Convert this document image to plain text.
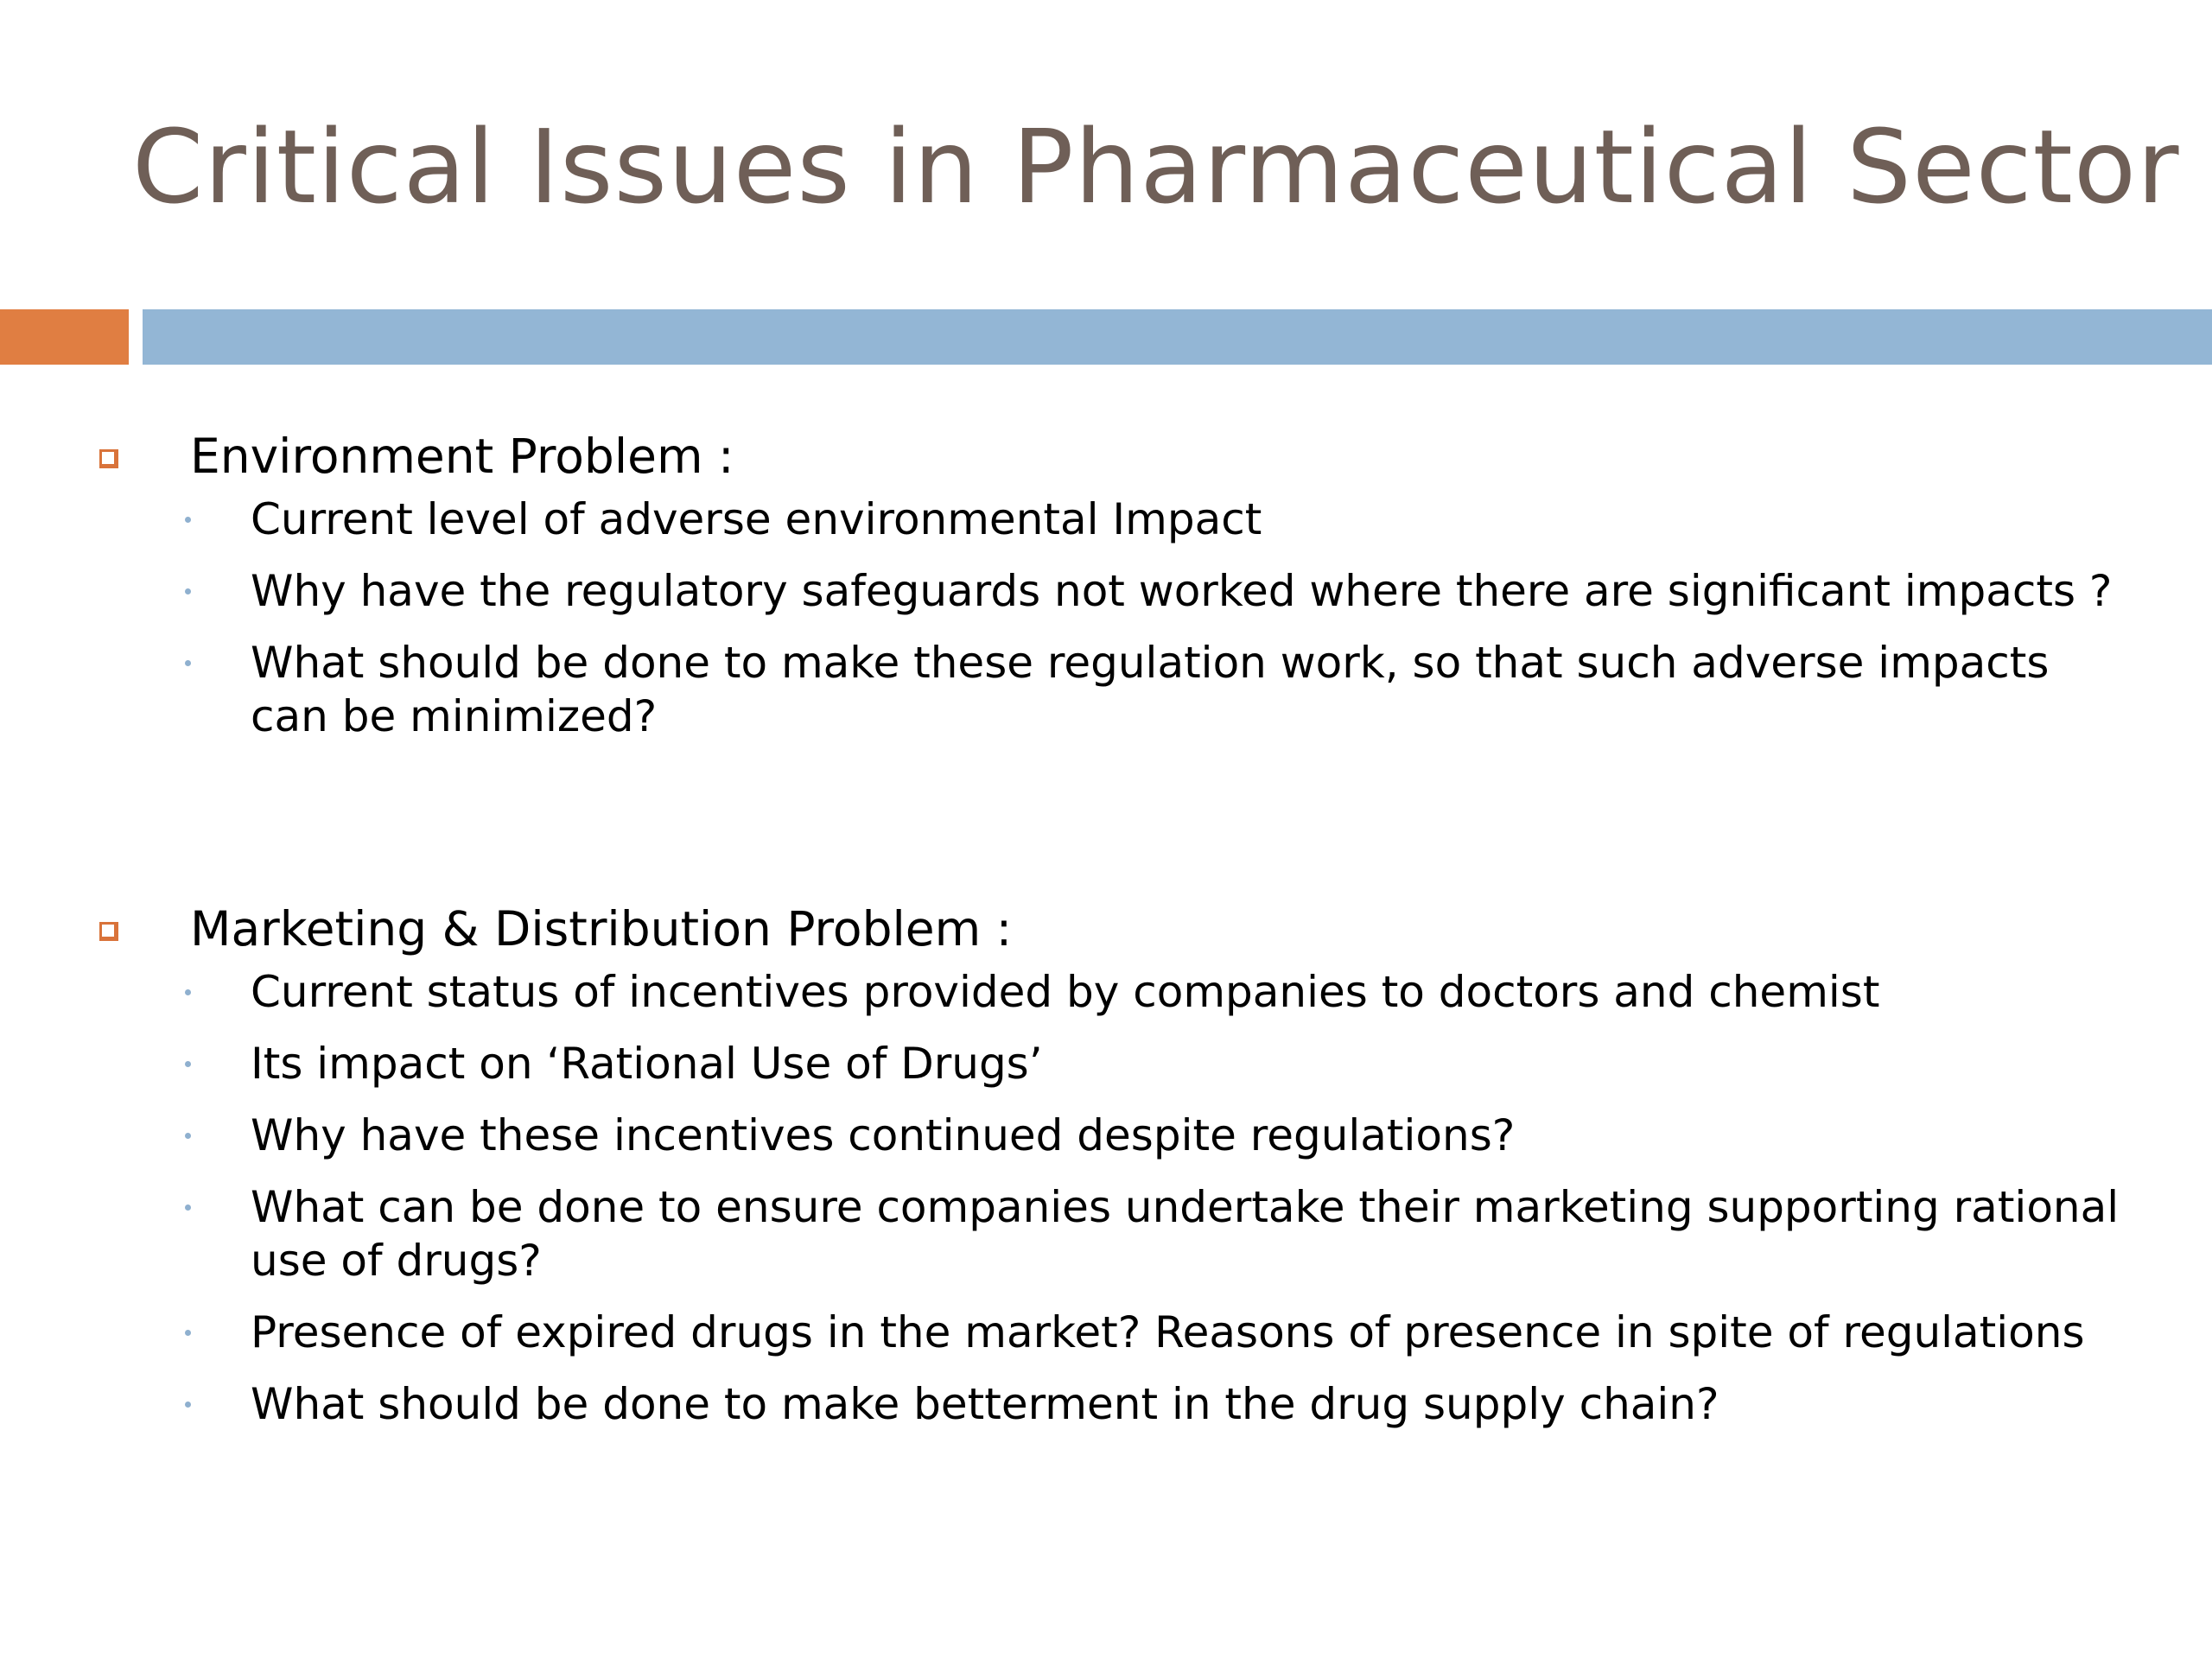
Critical Issues in Pharmaceutical Sector
Environment Problem :
Current level of adverse environmental Impact
Why have the regulatory safeguards not worked where there are significant impacts ?
What should be done to make these regulation work, so that such adverse impacts can be minimized?
Marketing & Distribution Problem :
Current status of incentives provided by companies to doctors and chemist
Its impact on ‘Rational Use of Drugs’
Why have these incentives continued despite regulations?
What can be done to ensure companies undertake their marketing supporting rational use of drugs?
Presence of expired drugs in the market? Reasons of presence in spite of regulations
What should be done to make betterment in the drug supply chain?
